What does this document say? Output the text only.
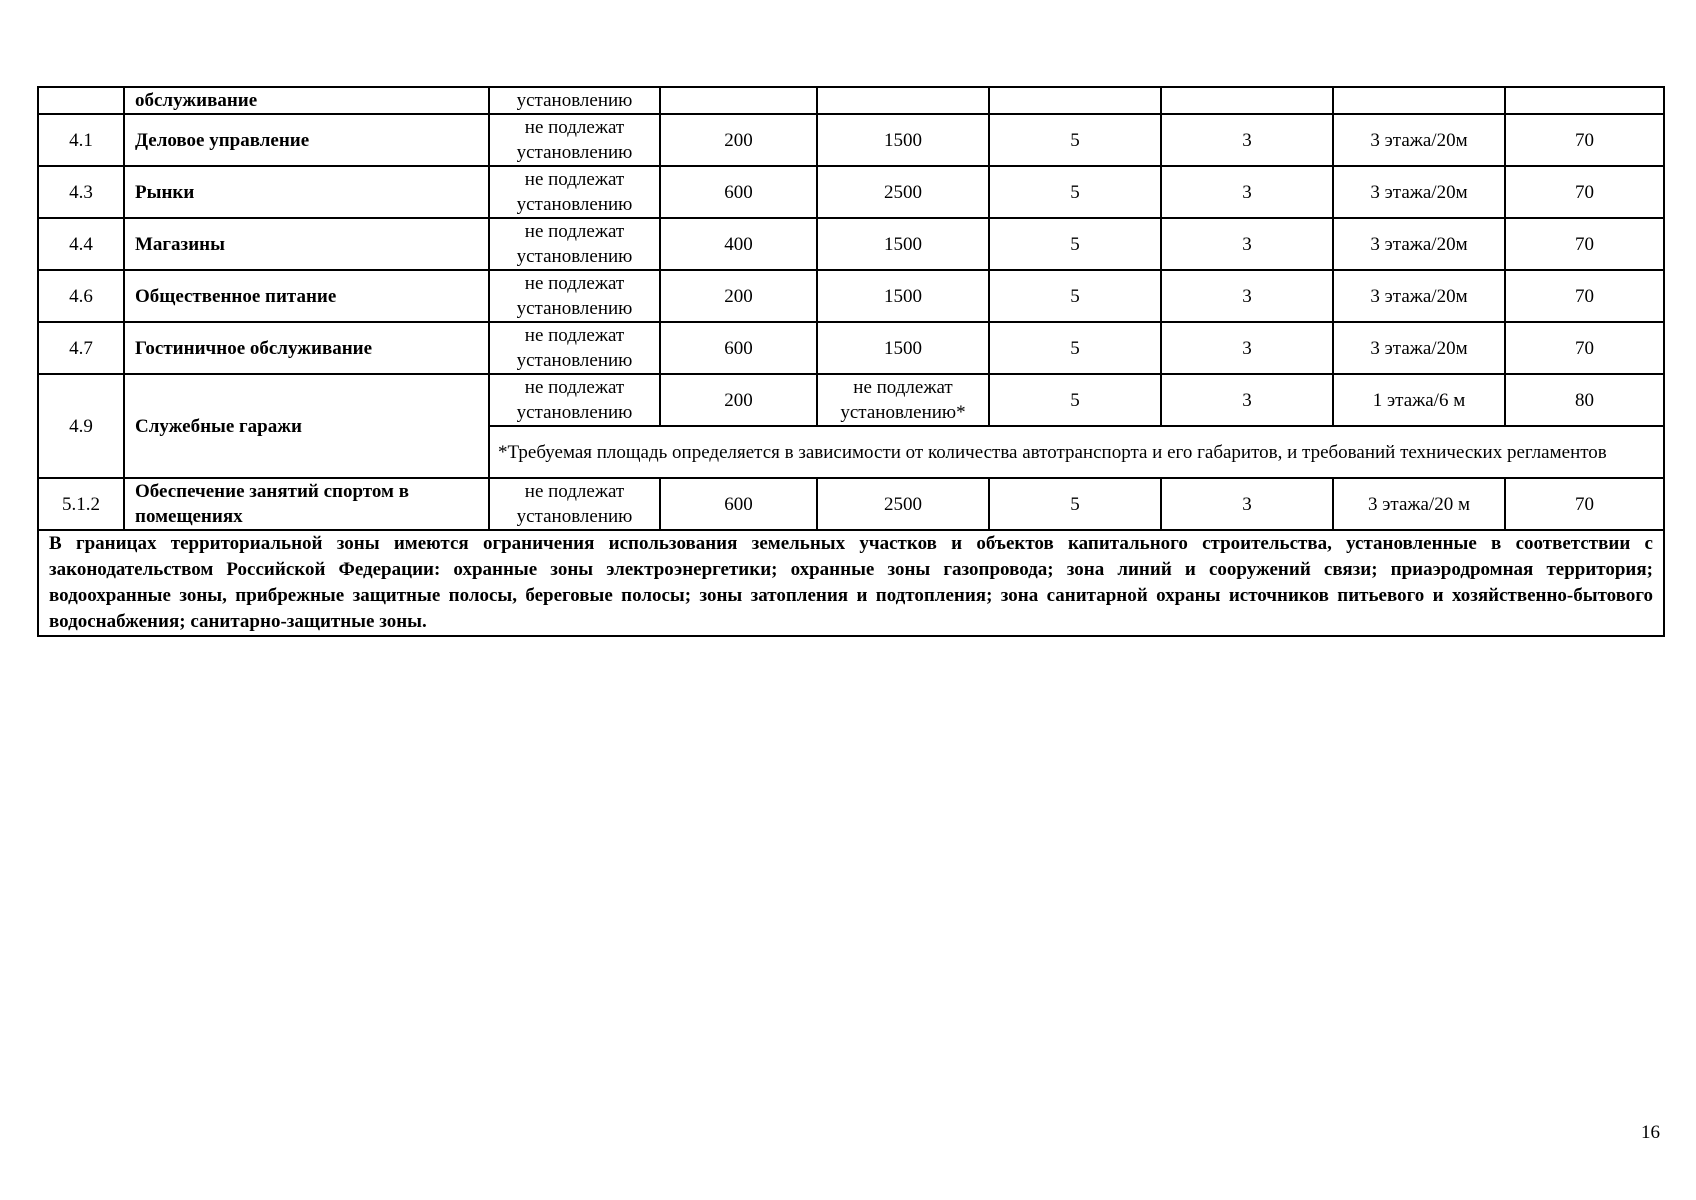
	обслуживание	установлению						
4.1	Деловое управление	не подлежат установлению	200	1500	5	3	3 этажа/20м	70
4.3	Рынки	не подлежат установлению	600	2500	5	3	3 этажа/20м	70
4.4	Магазины	не подлежат установлению	400	1500	5	3	3 этажа/20м	70
4.6	Общественное питание	не подлежат установлению	200	1500	5	3	3 этажа/20м	70
4.7	Гостиничное обслуживание	не подлежат установлению	600	1500	5	3	3 этажа/20м	70
4.9	Служебные гаражи	не подлежат установлению	200	не подлежат установлению*	5	3	1 этажа/6 м	80
		*Требуемая площадь определяется в зависимости от количества автотранспорта и его габаритов, и требований технических регламентов						
5.1.2	Обеспечение занятий спортом в помещениях	не подлежат установлению	600	2500	5	3	3 этажа/20 м	70
В границах территориальной зоны имеются ограничения использования земельных участков и объектов капитального строительства, установленные в соответствии с законодательством Российской Федерации: охранные зоны электроэнергетики; охранные зоны газопровода; зона линий и сооружений связи; приаэродромная территория; водоохранные зоны, прибрежные защитные полосы, береговые полосы; зоны затопления и подтопления; зона санитарной охраны источников питьевого и хозяйственно-бытового водоснабжения; санитарно-защитные зоны.								
16
